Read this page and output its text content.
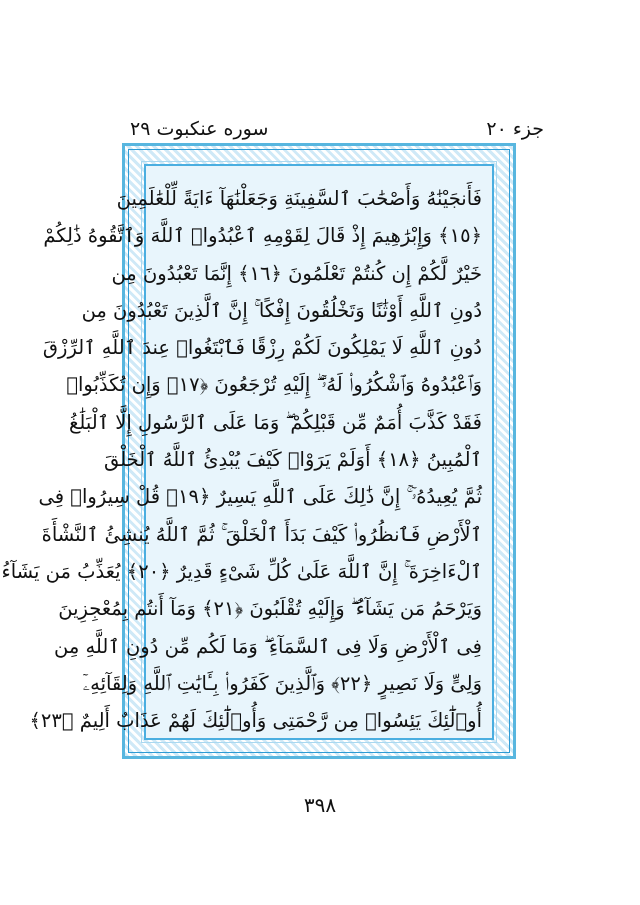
جزء ٢٠
سوره عنكبوت ٢٩
فَأَنجَيْنَٰهُ وَأَصْحَٰبَ ٱلسَّفِينَةِ وَجَعَلْنَٰهَآ ءَايَةً لِّلْعَٰلَمِينَ
﴿١٥﴾ وَإِبْرَٰهِيمَ إِذْ قَالَ لِقَوْمِهِ ٱعْبُدُوا۟ ٱللَّهَ وَٱتَّقُوهُ ذَٰلِكُمْ
خَيْرٌ لَّكُمْ إِن كُنتُمْ تَعْلَمُونَ ﴿١٦﴾ إِنَّمَا تَعْبُدُونَ مِن
دُونِ ٱللَّهِ أَوْثَٰنًا وَتَخْلُقُونَ إِفْكًا ۚ إِنَّ ٱلَّذِينَ تَعْبُدُونَ مِن
دُونِ ٱللَّهِ لَا يَمْلِكُونَ لَكُمْ رِزْقًا فَٱبْتَغُوا۟ عِندَ ٱللَّهِ ٱلرِّزْقَ
وَٱعْبُدُوهُ وَٱشْكُرُوا۟ لَهُۥٓ ۖ إِلَيْهِ تُرْجَعُونَ ﴿١٧﴾ وَإِن تُكَذِّبُوا۟
فَقَدْ كَذَّبَ أُمَمٌ مِّن قَبْلِكُمْ ۖ وَمَا عَلَى ٱلرَّسُولِ إِلَّا ٱلْبَلَٰغُ
ٱلْمُبِينُ ﴿١٨﴾ أَوَلَمْ يَرَوْا۟ كَيْفَ يُبْدِئُ ٱللَّهُ ٱلْخَلْقَ
ثُمَّ يُعِيدُهُۥٓ ۚ إِنَّ ذَٰلِكَ عَلَى ٱللَّهِ يَسِيرٌ ﴿١٩﴾ قُلْ سِيرُوا۟ فِى
ٱلْأَرْضِ فَٱنظُرُوا۟ كَيْفَ بَدَأَ ٱلْخَلْقَ ۚ ثُمَّ ٱللَّهُ يُنشِئُ ٱلنَّشْأَةَ
ٱلْءَاخِرَةَ ۚ إِنَّ ٱللَّهَ عَلَىٰ كُلِّ شَىْءٍ قَدِيرٌ ﴿٢٠﴾ يُعَذِّبُ مَن يَشَآءُ
وَيَرْحَمُ مَن يَشَآءُ ۖ وَإِلَيْهِ تُقْلَبُونَ ﴿٢١﴾ وَمَآ أَنتُم بِمُعْجِزِينَ
فِى ٱلْأَرْضِ وَلَا فِى ٱلسَّمَآءِ ۖ وَمَا لَكُم مِّن دُونِ ٱللَّهِ مِن
وَلِىٍّ وَلَا نَصِيرٍ ﴿٢٢﴾ وَٱلَّذِينَ كَفَرُوا۟ بِـَٔايَٰتِ ٱللَّهِ وَلِقَآئِهِۦٓ
أُو۟لَٰٓئِكَ يَئِسُوا۟ مِن رَّحْمَتِى وَأُو۟لَٰٓئِكَ لَهُمْ عَذَابٌ أَلِيمٌ ﴿٢٣﴾
٣٩٨
